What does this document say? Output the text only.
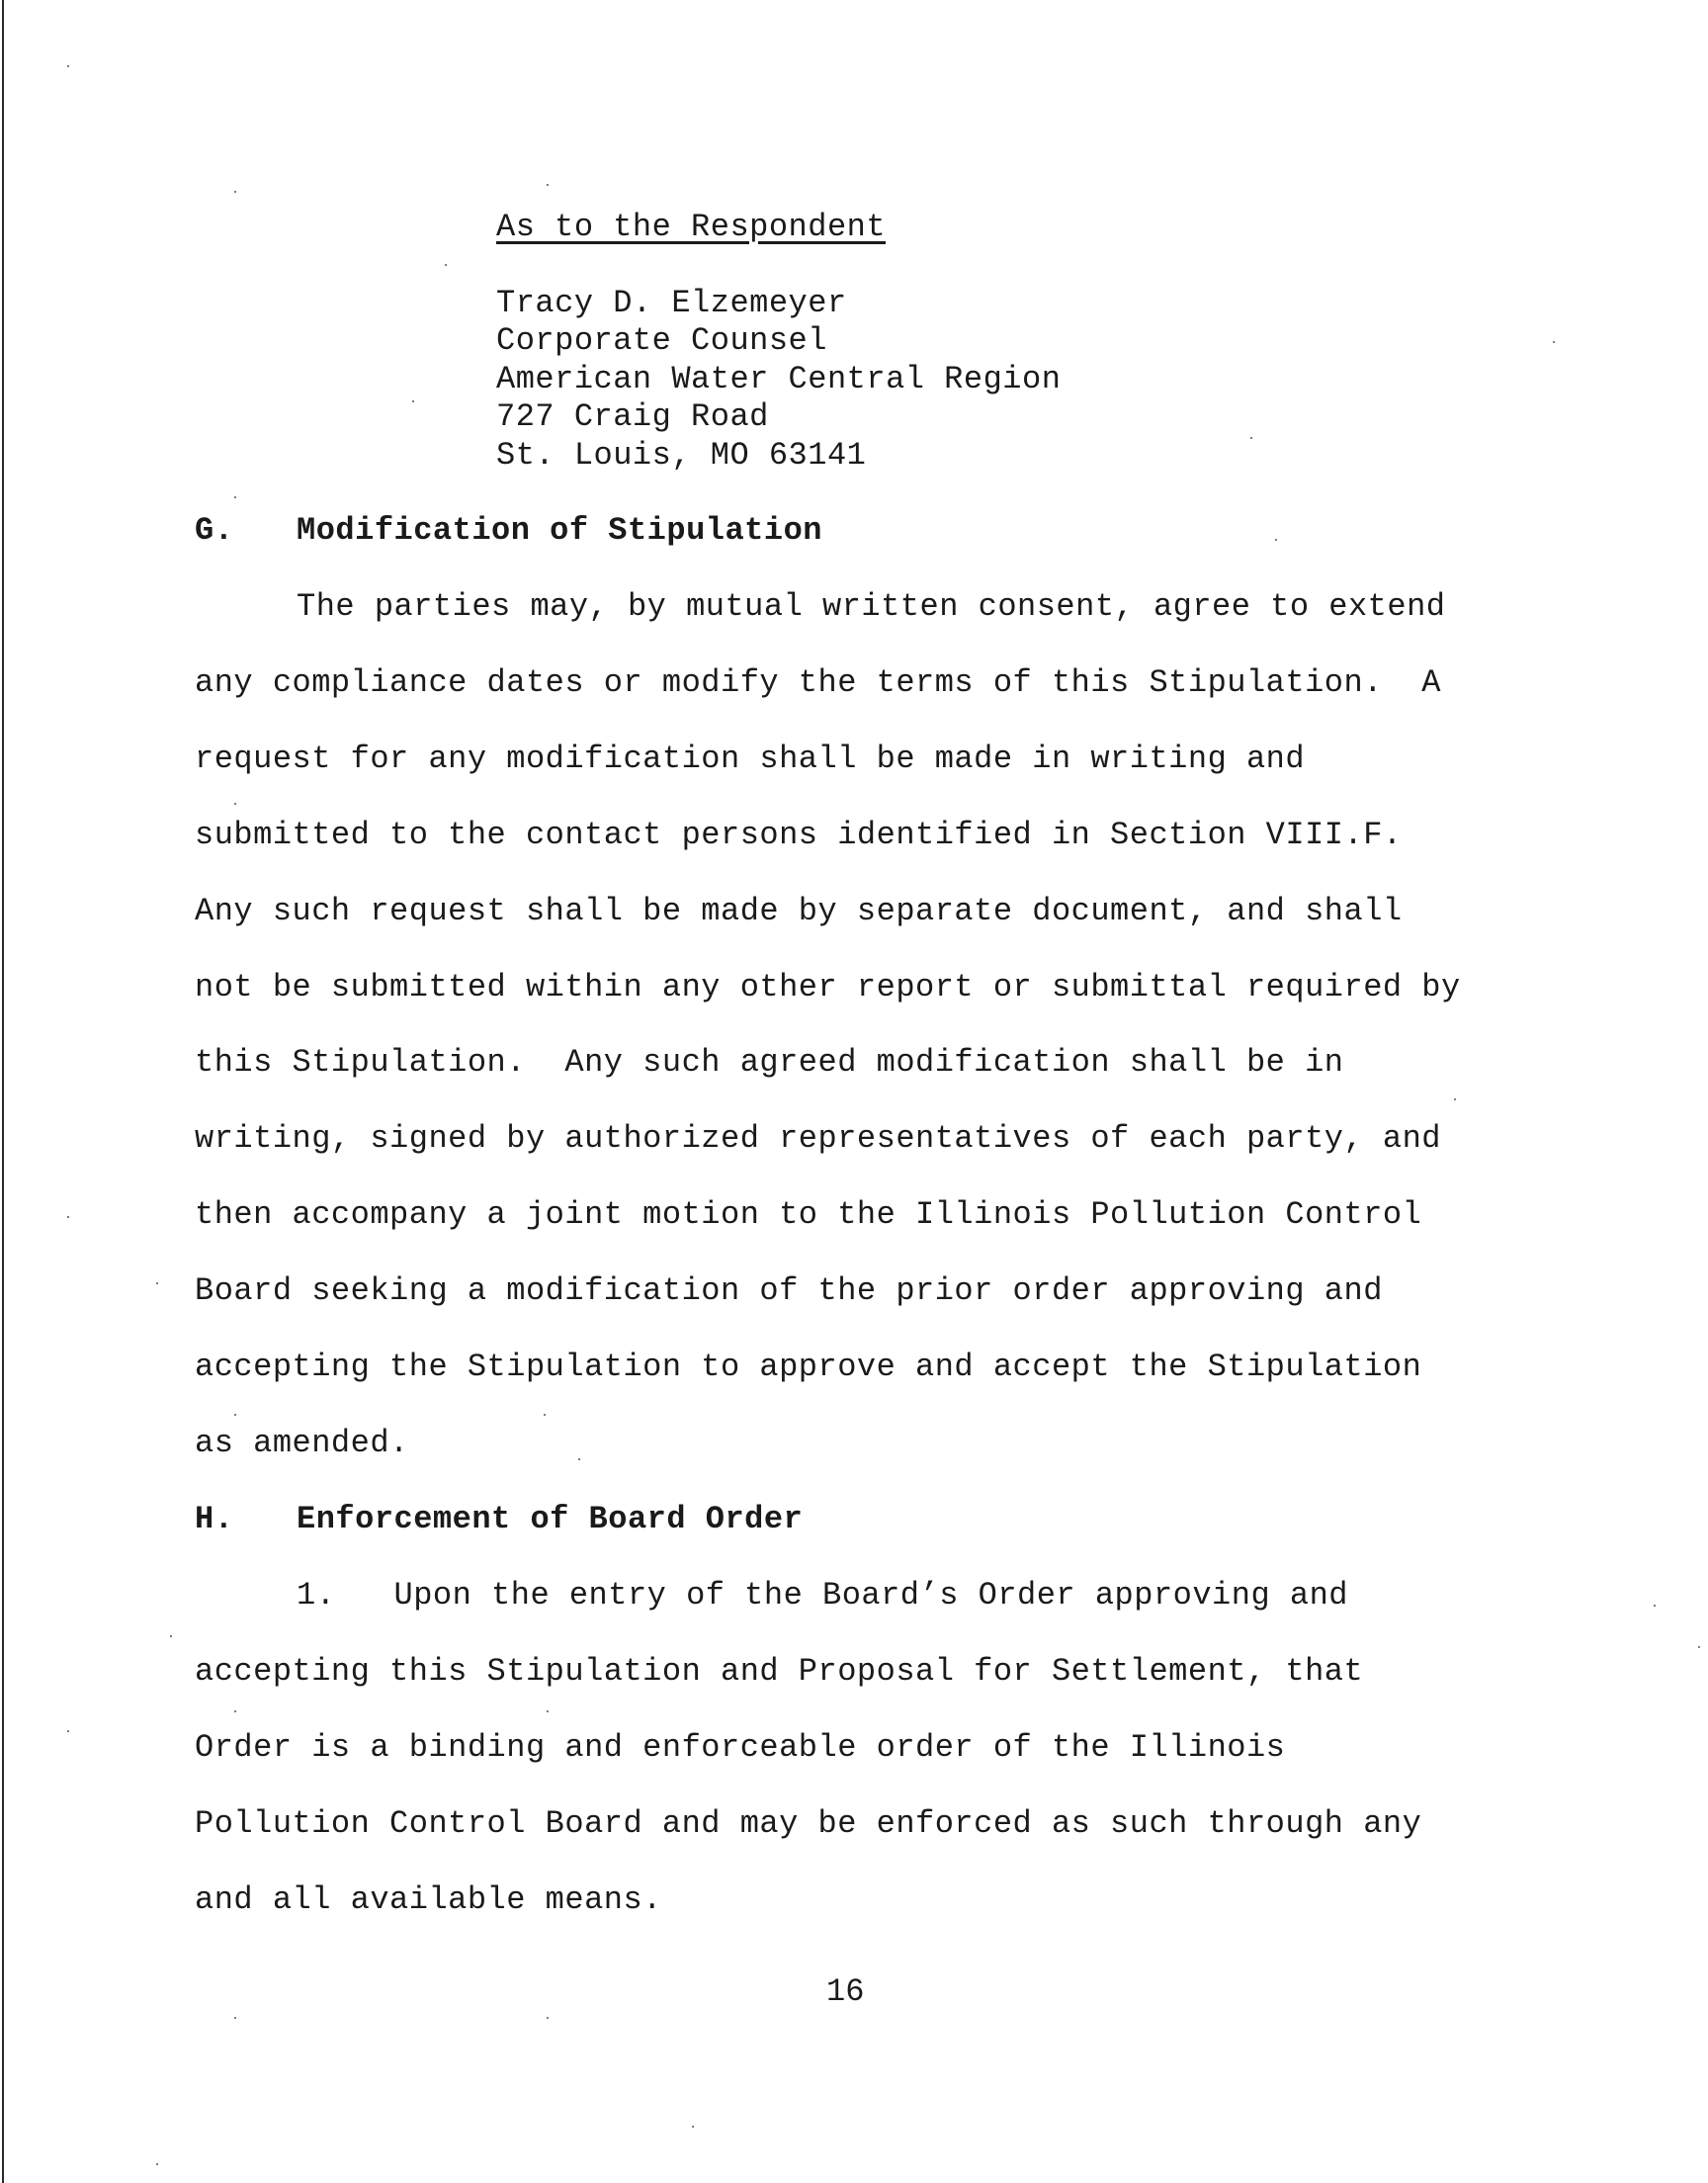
As to the Respondent
Tracy D. Elzemeyer
Corporate Counsel
American Water Central Region
727 Craig Road
St. Louis, MO 63141
G. Modification of Stipulation
The parties may, by mutual written consent, agree to extend
any compliance dates or modify the terms of this Stipulation.  A
request for any modification shall be made in writing and
submitted to the contact persons identified in Section VIII.F.
Any such request shall be made by separate document, and shall
not be submitted within any other report or submittal required by
this Stipulation.  Any such agreed modification shall be in
writing, signed by authorized representatives of each party, and
then accompany a joint motion to the Illinois Pollution Control
Board seeking a modification of the prior order approving and
accepting the Stipulation to approve and accept the Stipulation
as amended.
H. Enforcement of Board Order
1.   Upon the entry of the Board’s Order approving and
accepting this Stipulation and Proposal for Settlement, that
Order is a binding and enforceable order of the Illinois
Pollution Control Board and may be enforced as such through any
and all available means.
16
